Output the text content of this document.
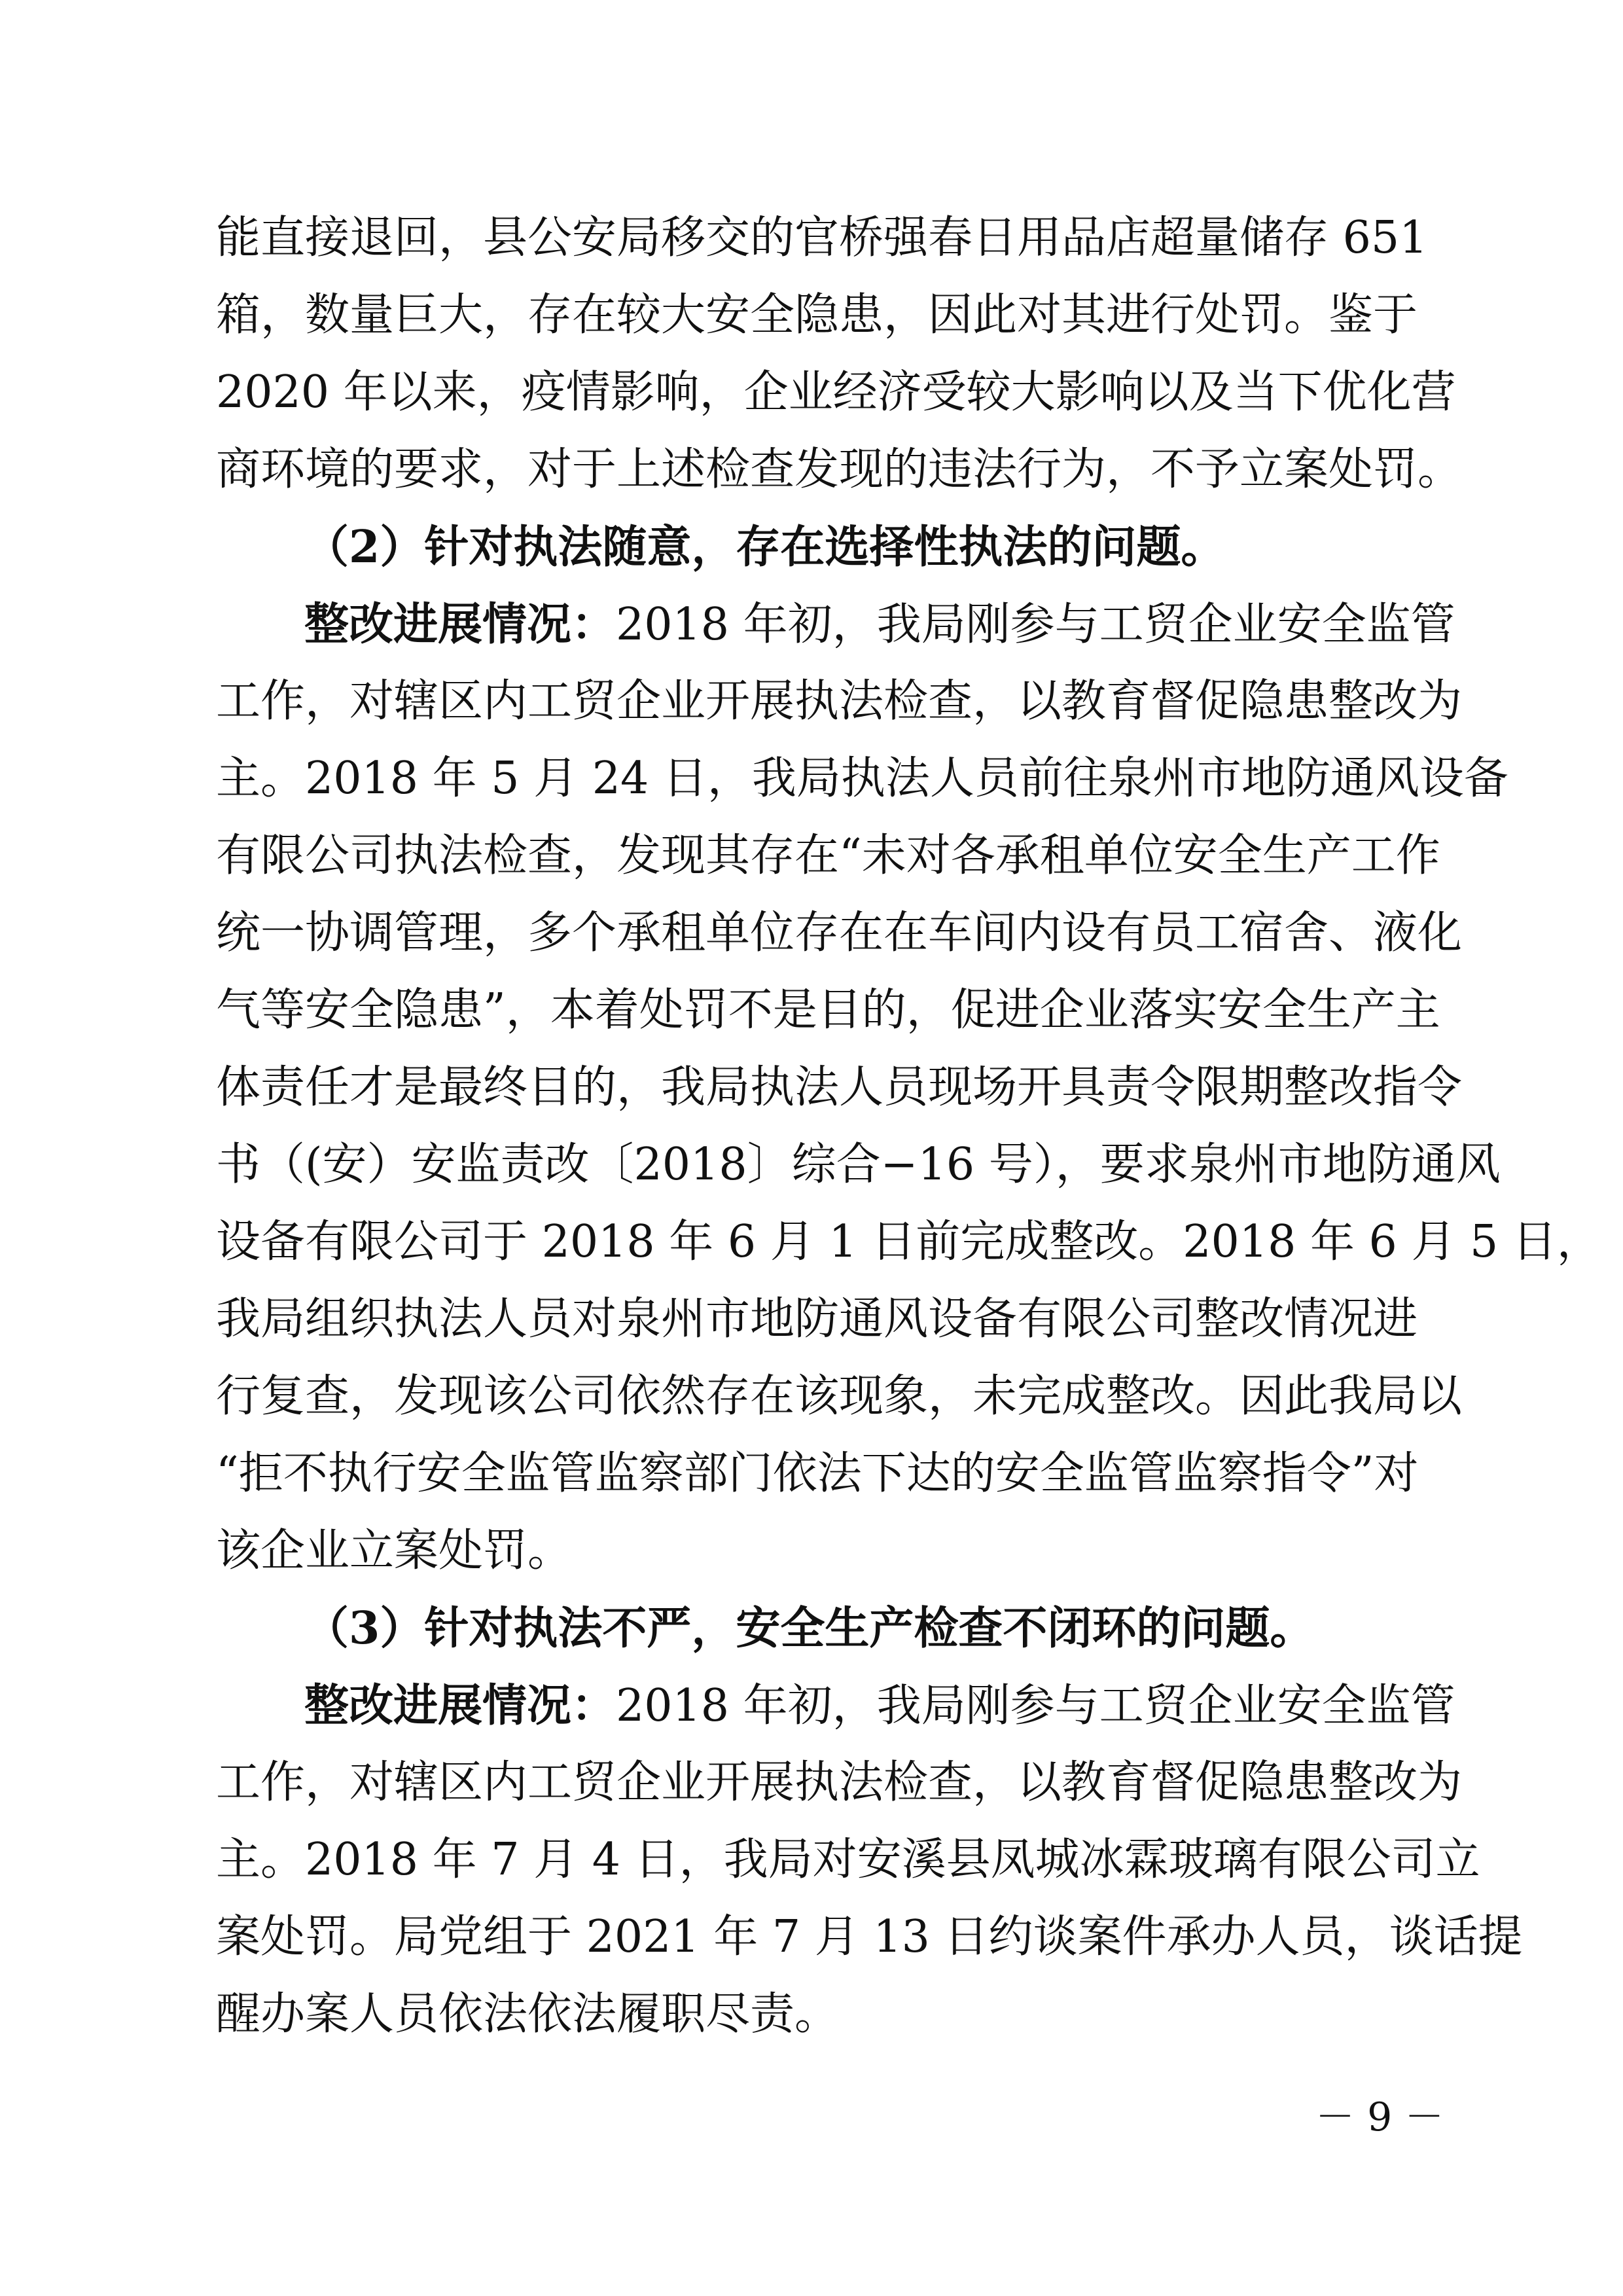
能直接退回，县公安局移交的官桥强春日用品店超量储存 651
箱，数量巨大，存在较大安全隐患，因此对其进行处罚。鉴于
2020 年以来，疫情影响，企业经济受较大影响以及当下优化营
商环境的要求，对于上述检查发现的违法行为，不予立案处罚。
（2）针对执法随意，存在选择性执法的问题。
整改进展情况：2018 年初，我局刚参与工贸企业安全监管
工作，对辖区内工贸企业开展执法检查，以教育督促隐患整改为
主。2018 年 5 月 24 日，我局执法人员前往泉州市地防通风设备
有限公司执法检查，发现其存在“未对各承租单位安全生产工作
统一协调管理，多个承租单位存在在车间内设有员工宿舍、液化
气等安全隐患”，本着处罚不是目的，促进企业落实安全生产主
体责任才是最终目的，我局执法人员现场开具责令限期整改指令
书（(安）安监责改〔2018〕综合−16 号），要求泉州市地防通风
设备有限公司于 2018 年 6 月 1 日前完成整改。2018 年 6 月 5 日，
我局组织执法人员对泉州市地防通风设备有限公司整改情况进
行复查，发现该公司依然存在该现象，未完成整改。因此我局以
“拒不执行安全监管监察部门依法下达的安全监管监察指令”对
该企业立案处罚。
（3）针对执法不严，安全生产检查不闭环的问题。
整改进展情况：2018 年初，我局刚参与工贸企业安全监管
工作，对辖区内工贸企业开展执法检查，以教育督促隐患整改为
主。2018 年 7 月 4 日，我局对安溪县凤城冰霖玻璃有限公司立
案处罚。局党组于 2021 年 7 月 13 日约谈案件承办人员，谈话提
醒办案人员依法依法履职尽责。
－ 9 －
